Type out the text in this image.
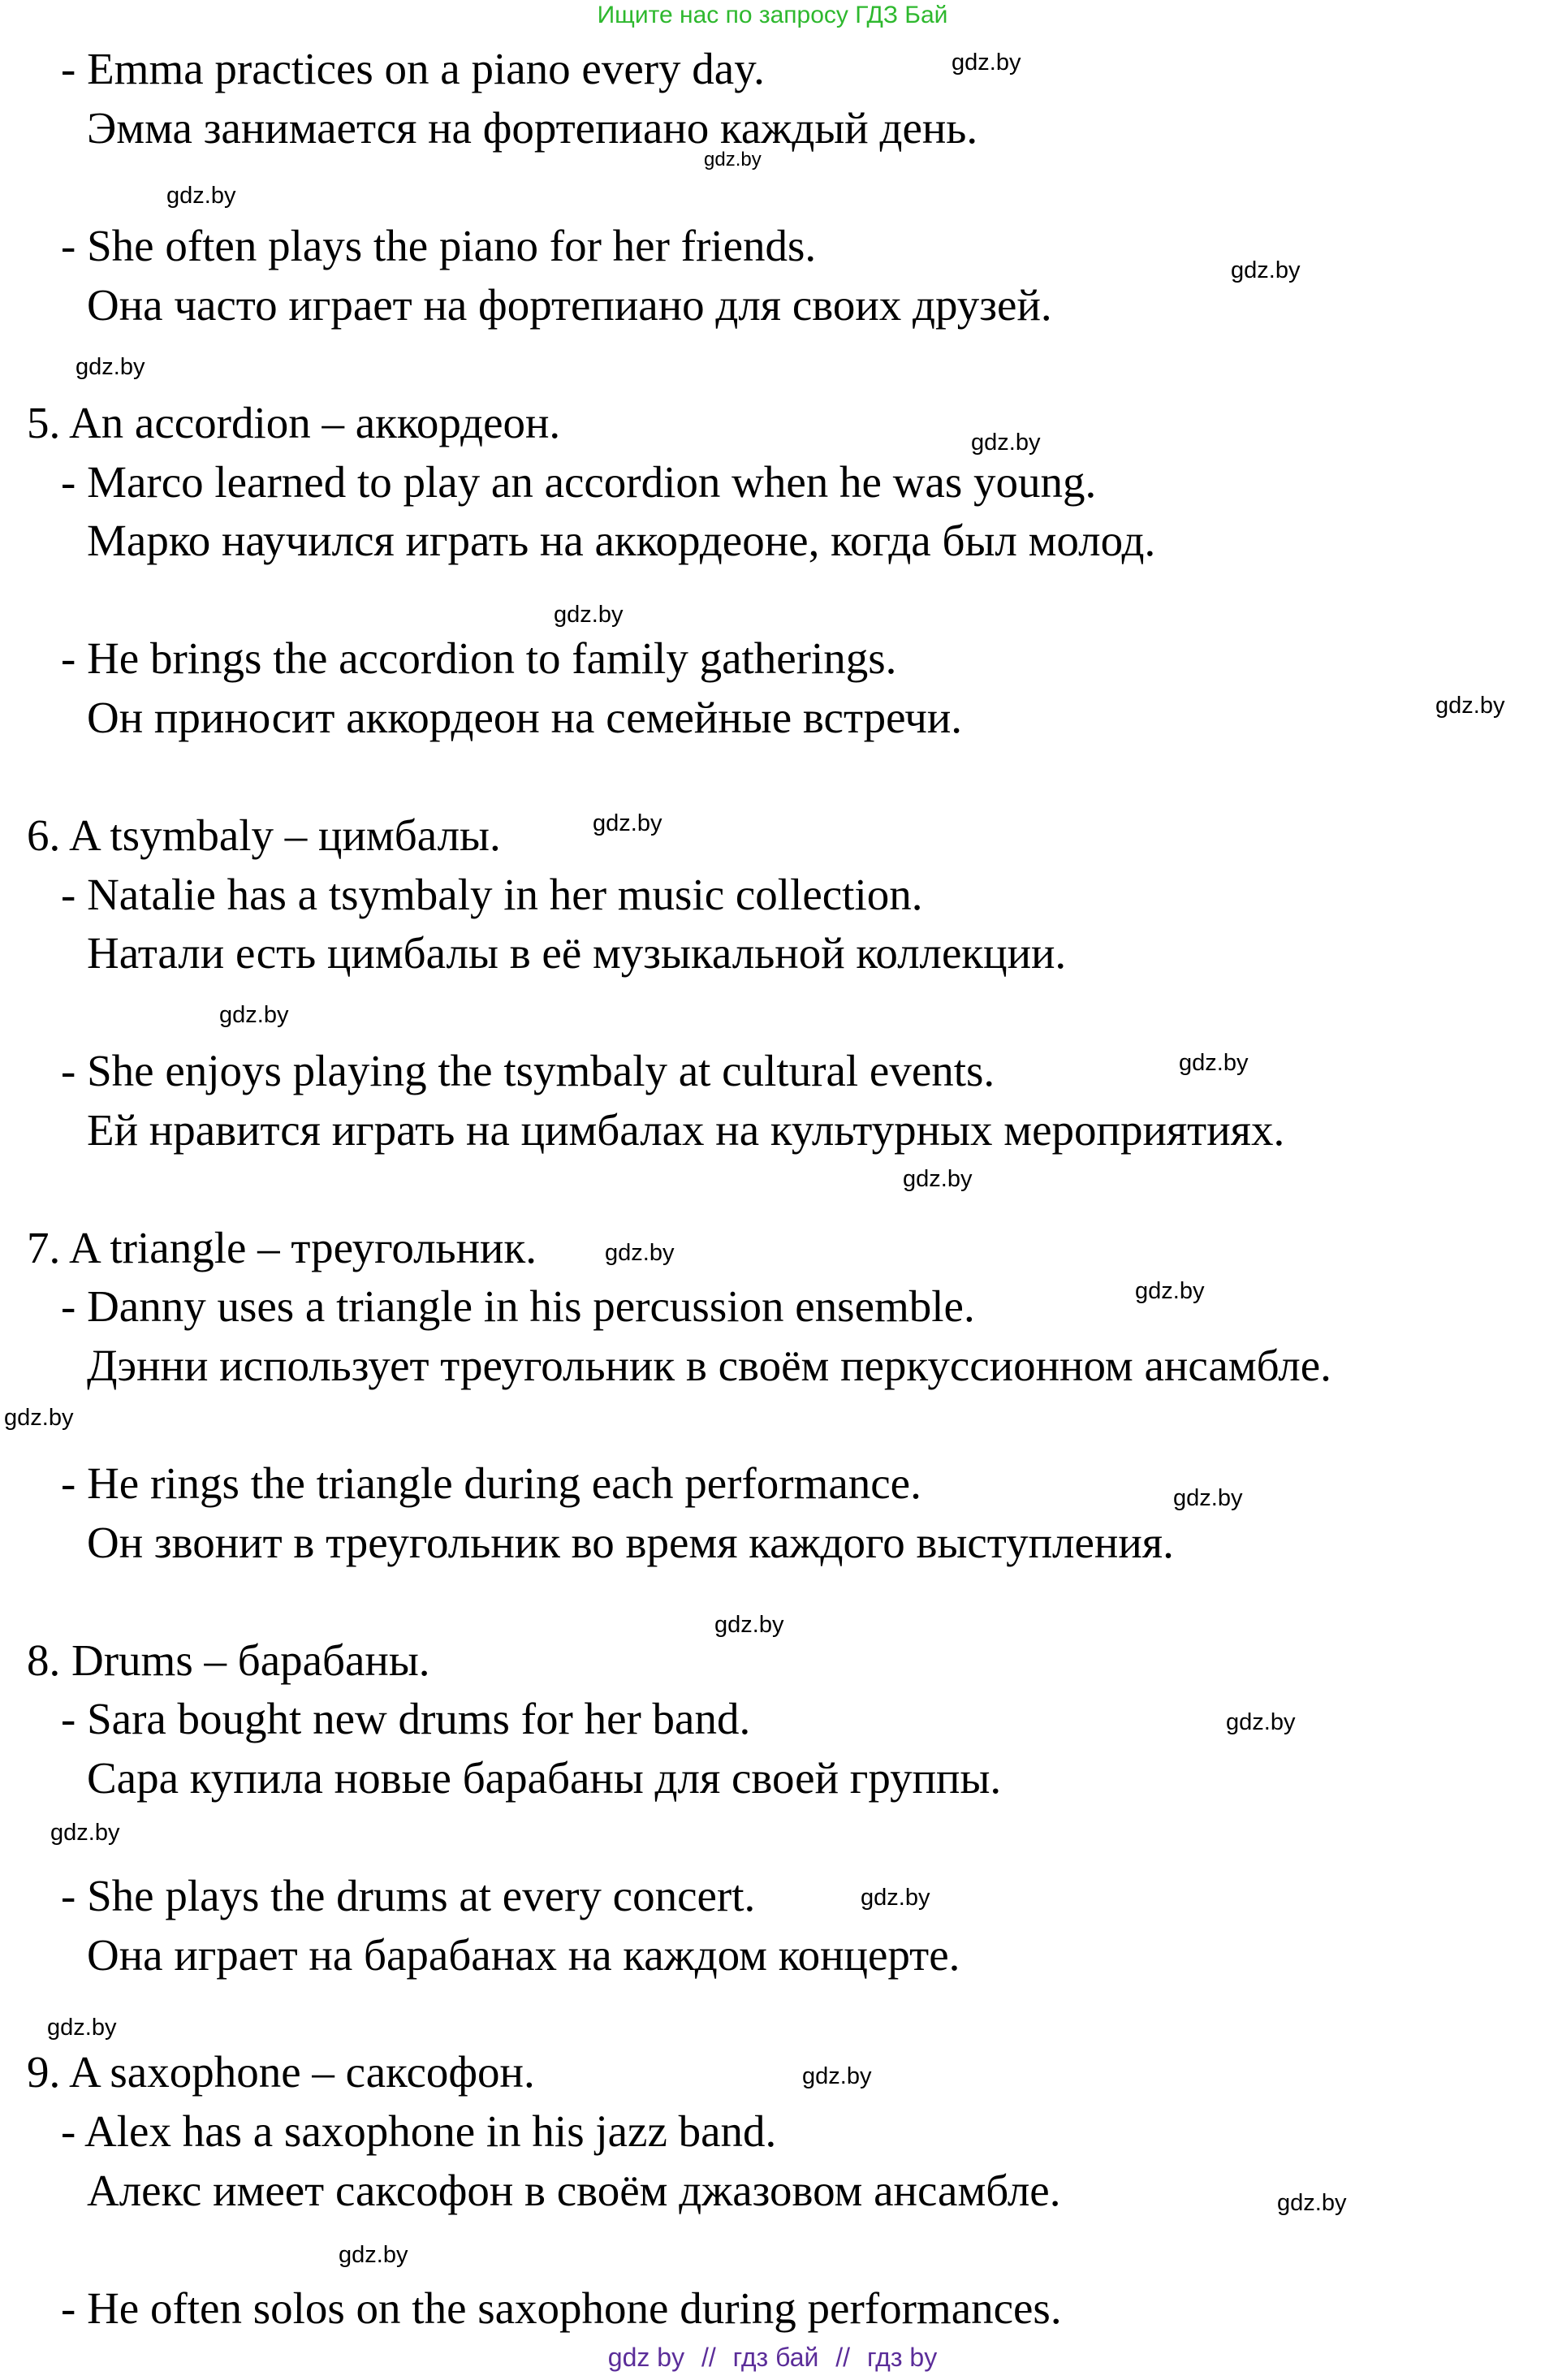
Ищите нас по запросу ГДЗ Бай
- Emma practices on a piano every day.
Эмма занимается на фортепиано каждый день.
- She often plays the piano for her friends.
Она часто играет на фортепиано для своих друзей.
5. An accordion – аккордеон.
- Marco learned to play an accordion when he was young.
Марко научился играть на аккордеоне, когда был молод.
- He brings the accordion to family gatherings.
Он приносит аккордеон на семейные встречи.
6. A tsymbaly – цимбалы.
- Natalie has a tsymbaly in her music collection.
Натали есть цимбалы в её музыкальной коллекции.
- She enjoys playing the tsymbaly at cultural events.
Ей нравится играть на цимбалах на культурных мероприятиях.
7. A triangle – треугольник.
- Danny uses a triangle in his percussion ensemble.
Дэнни использует треугольник в своём перкуссионном ансамбле.
- He rings the triangle during each performance.
Он звонит в треугольник во время каждого выступления.
8. Drums – барабаны.
- Sara bought new drums for her band.
Сара купила новые барабаны для своей группы.
- She plays the drums at every concert.
Она играет на барабанах на каждом концерте.
9. A saxophone – саксофон.
- Alex has a saxophone in his jazz band.
Алекс имеет саксофон в своём джазовом ансамбле.
- He often solos on the saxophone during performances.
gdz.by
gdz.by
gdz.by
gdz.by
gdz.by
gdz.by
gdz.by
gdz.by
gdz.by
gdz.by
gdz.by
gdz.by
gdz.by
gdz.by
gdz.by
gdz.by
gdz.by
gdz.by
gdz.by
gdz.by
gdz.by
gdz.by
gdz.by
gdz.by
gdz by // гдз бай // гдз by
